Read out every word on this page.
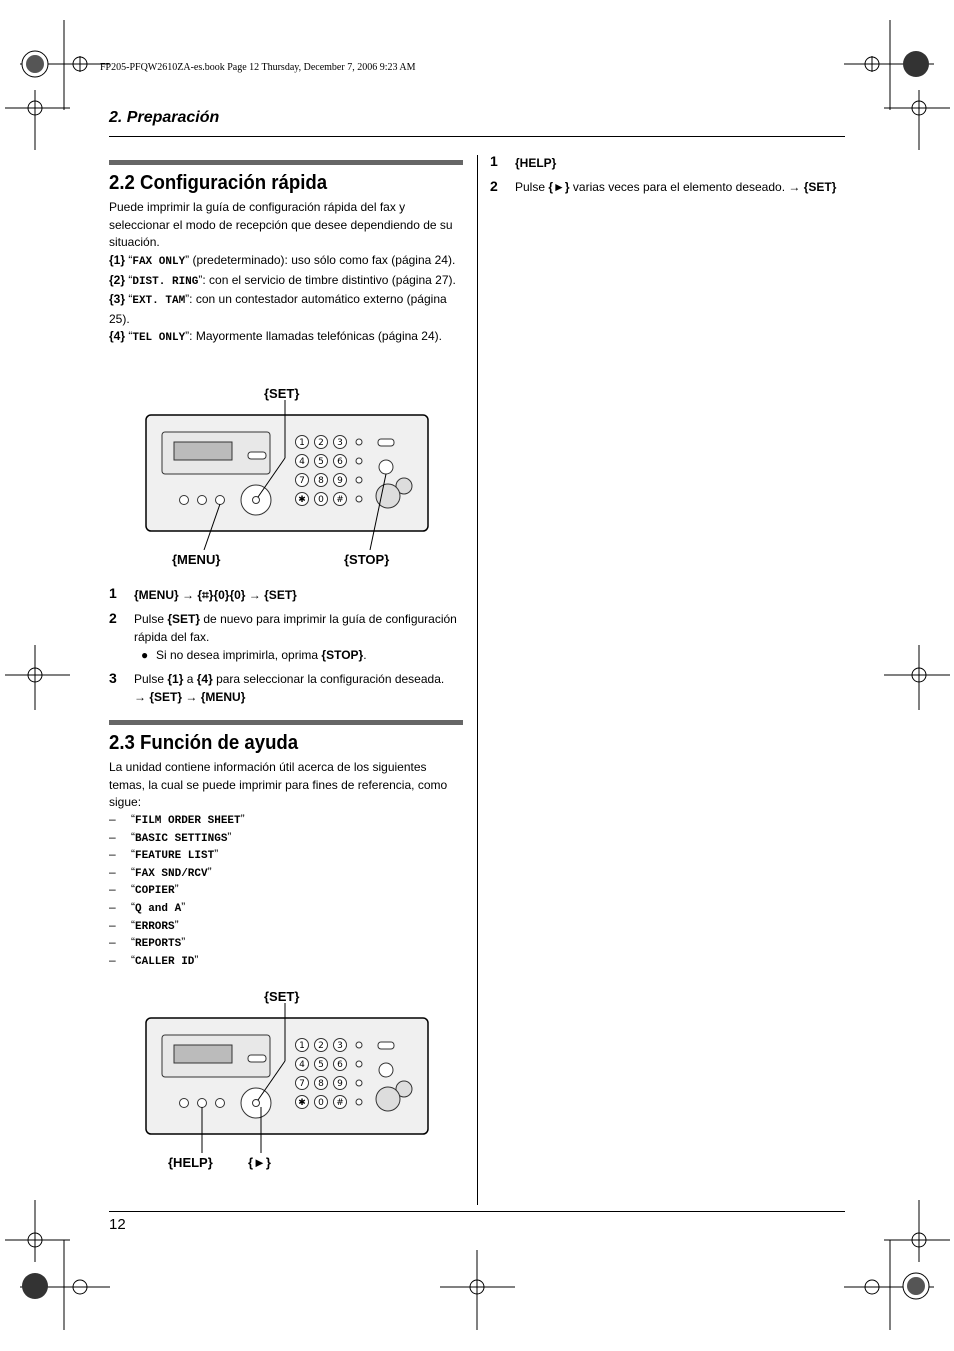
FP205-PFQW2610ZA-es.book Page 12 Thursday, December 7, 2006 9:23 AM
2. Preparación
2.2 Configuración rápida
Puede imprimir la guía de configuración rápida del fax y seleccionar el modo de recepción que desee dependiendo de su situación.
{1} “FAX ONLY” (predeterminado): uso sólo como fax (página 24).
{2} “DIST. RING”: con el servicio de timbre distintivo (página 27).
{3} “EXT. TAM”: con un contestador automático externo (página 25).
{4} “TEL ONLY”: Mayormente llamadas telefónicas (página 24).
{SET}
{MENU}	{STOP}
1 2 3
4 5 6
7 8 9
✱ 0 #
1 {MENU} → {⌗}{0}{0} → {SET}
2 Pulse {SET} de nuevo para imprimir la guía de configuración rápida del fax.
● Si no desea imprimirla, oprima {STOP}.
3 Pulse {1} a {4} para seleccionar la configuración deseada.
→ {SET} → {MENU}
2.3 Función de ayuda
La unidad contiene información útil acerca de los siguientes temas, la cual se puede imprimir para fines de referencia, como sigue:
– “FILM ORDER SHEET”
– “BASIC SETTINGS”
– “FEATURE LIST”
– “FAX SND/RCV”
– “COPIER”
– “Q and A”
– “ERRORS”
– “REPORTS”
– “CALLER ID”
{SET}
{HELP}	{►}
1 2 3
4 5 6
7 8 9
✱ 0 #
1 {HELP}
2 Pulse {►} varias veces para el elemento deseado. → {SET}
12
